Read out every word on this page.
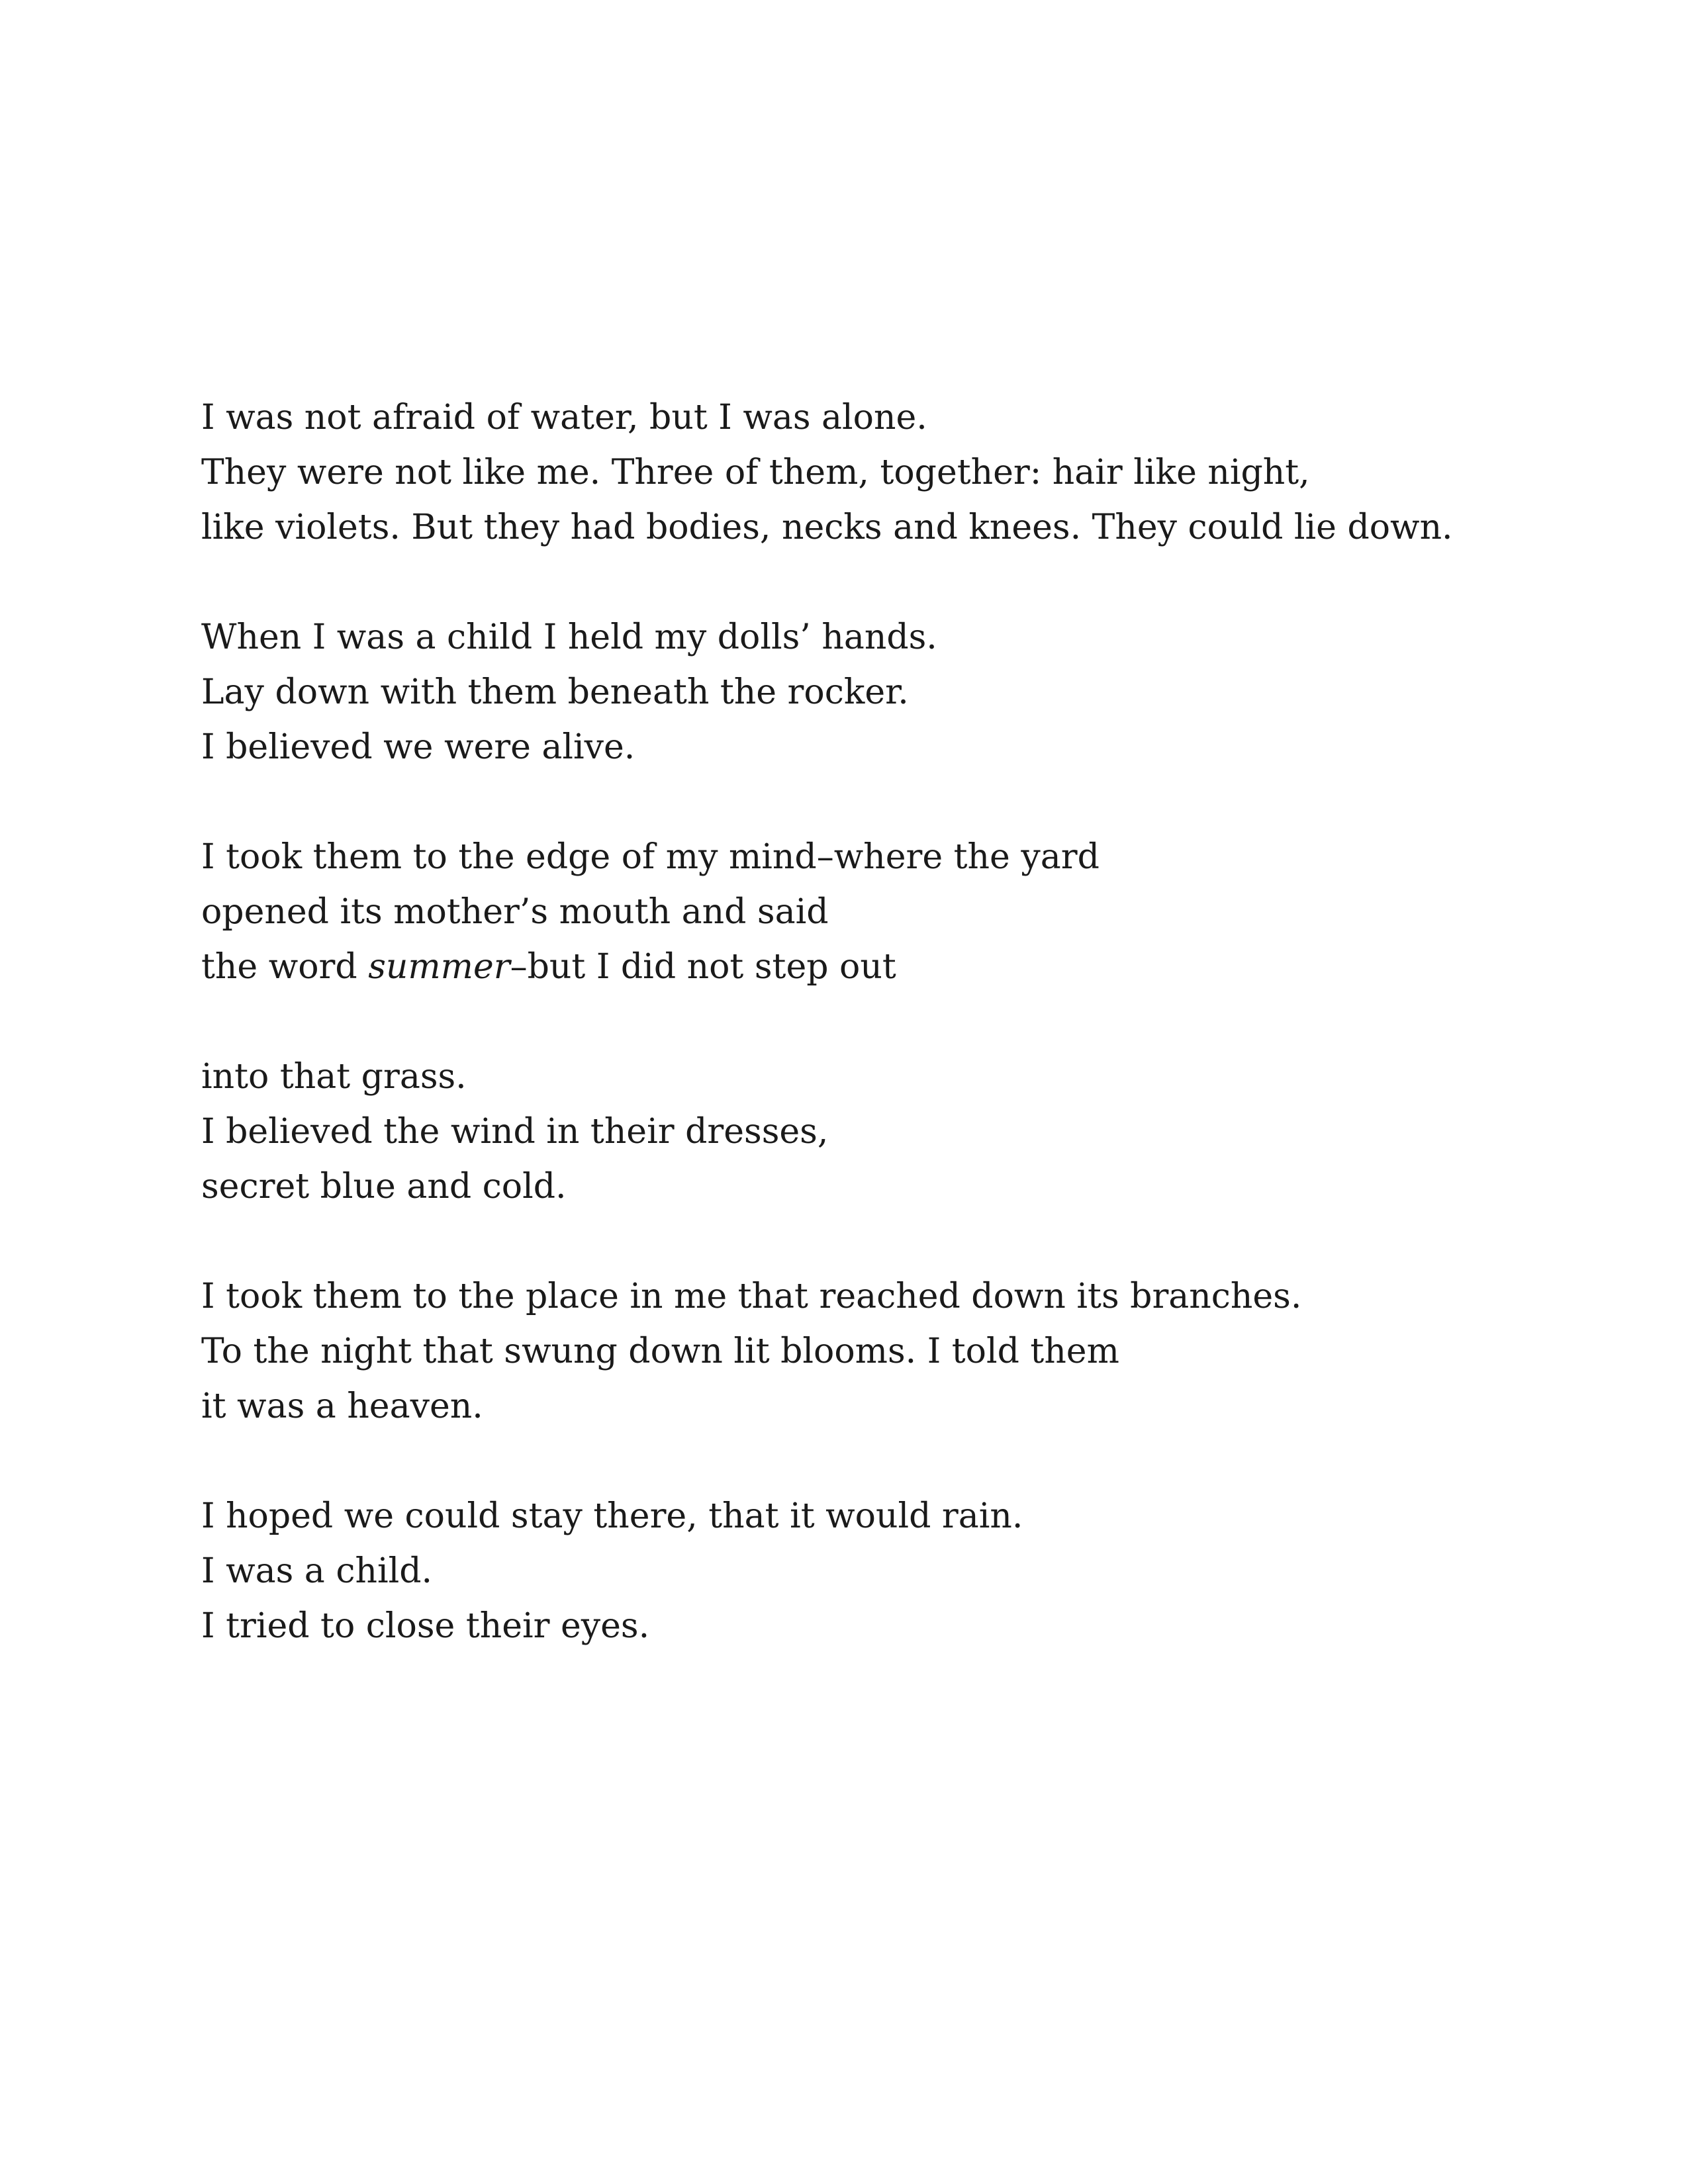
I was not afraid of water, but I was alone.
They were not like me. Three of them, together: hair like night,
like violets. But they had bodies, necks and knees. They could lie down.
When I was a child I held my dolls’ hands.
Lay down with them beneath the rocker.
I believed we were alive.
I took them to the edge of my mind–where the yard
opened its mother’s mouth and said
the word summer–but I did not step out
into that grass.
I believed the wind in their dresses,
secret blue and cold.
I took them to the place in me that reached down its branches.
To the night that swung down lit blooms. I told them
it was a heaven.
I hoped we could stay there, that it would rain.
I was a child.
I tried to close their eyes.
